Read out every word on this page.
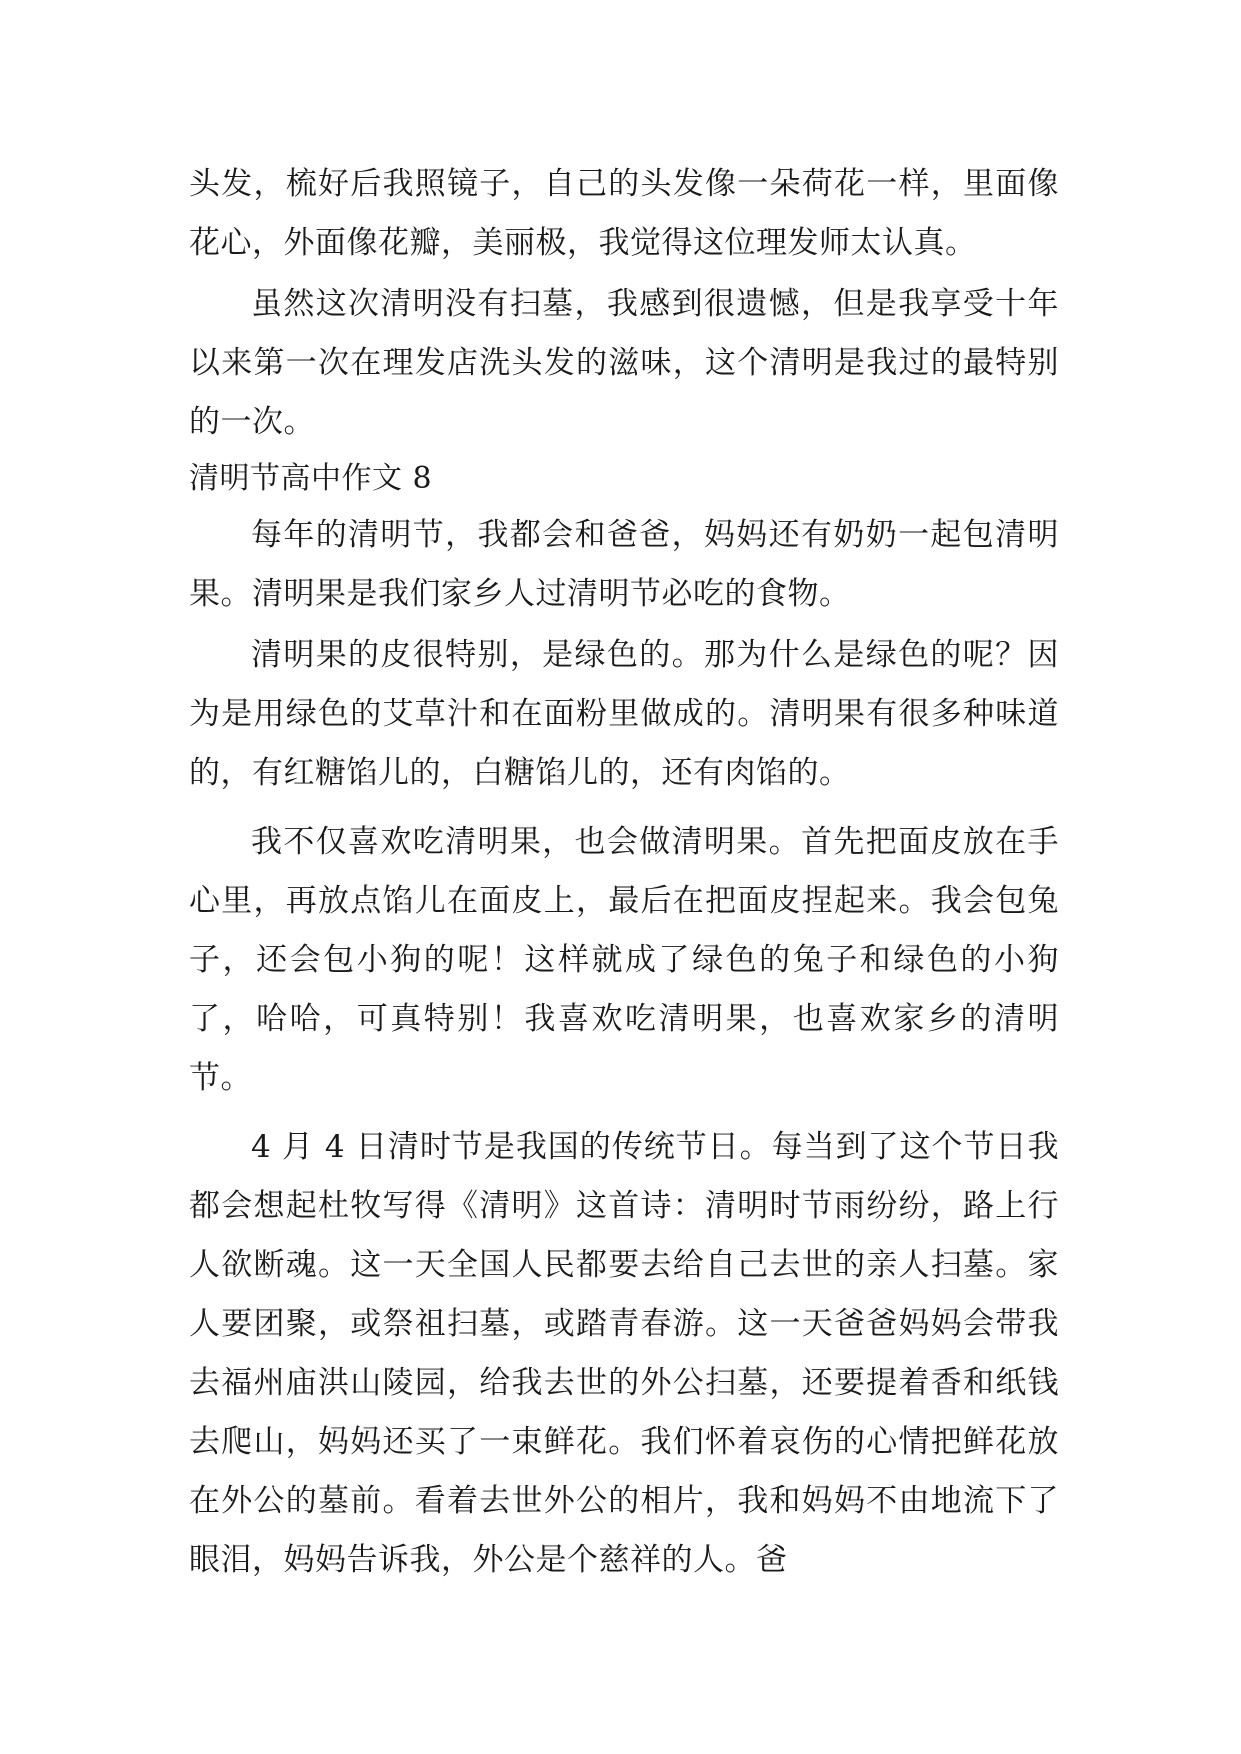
头发，梳好后我照镜子，自己的头发像一朵荷花一样，里面像花心，外面像花瓣，美丽极，我觉得这位理发师太认真。

虽然这次清明没有扫墓，我感到很遗憾，但是我享受十年以来第一次在理发店洗头发的滋味，这个清明是我过的最特别的一次。

清明节高中作文 8

每年的清明节，我都会和爸爸，妈妈还有奶奶一起包清明果。清明果是我们家乡人过清明节必吃的食物。

清明果的皮很特别，是绿色的。那为什么是绿色的呢？因为是用绿色的艾草汁和在面粉里做成的。清明果有很多种味道的，有红糖馅儿的，白糖馅儿的，还有肉馅的。

我不仅喜欢吃清明果，也会做清明果。首先把面皮放在手心里，再放点馅儿在面皮上，最后在把面皮捏起来。我会包兔子，还会包小狗的呢！这样就成了绿色的兔子和绿色的小狗了，哈哈，可真特别！我喜欢吃清明果，也喜欢家乡的清明节。

4 月 4 日清时节是我国的传统节日。每当到了这个节日我都会想起杜牧写得《清明》这首诗：清明时节雨纷纷，路上行人欲断魂。这一天全国人民都要去给自己去世的亲人扫墓。家人要团聚，或祭祖扫墓，或踏青春游。这一天爸爸妈妈会带我去福州庙洪山陵园，给我去世的外公扫墓，还要提着香和纸钱去爬山，妈妈还买了一束鲜花。我们怀着哀伤的心情把鲜花放在外公的墓前。看着去世外公的相片，我和妈妈不由地流下了眼泪，妈妈告诉我，外公是个慈祥的人。爸
